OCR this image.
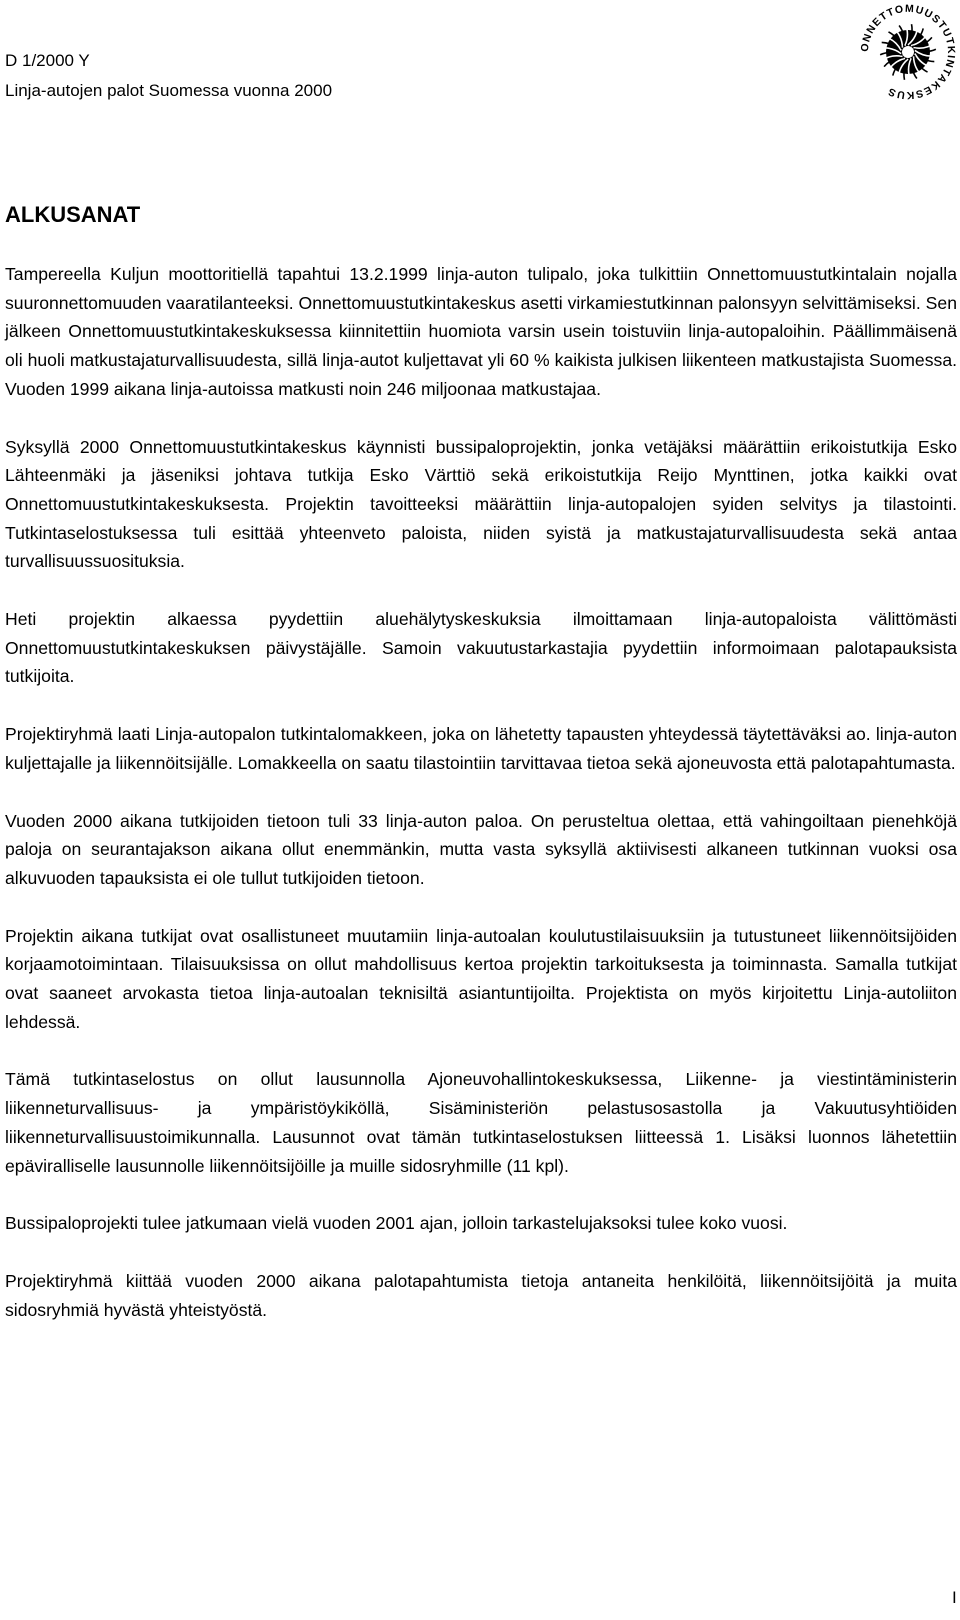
D 1/2000 Y
Linja-autojen palot Suomessa vuonna 2000
ONNETTOMUUSTUTKINTAKESKUS
ALKUSANAT

Tampereella Kuljun moottoritiellä tapahtui 13.2.1999 linja-auton tulipalo, joka tulkittiin Onnettomuustutkintalain nojalla suuronnettomuuden vaaratilanteeksi. Onnettomuustutkintakeskus asetti virkamiestutkinnan palonsyyn selvittämiseksi. Sen jälkeen Onnettomuustutkintakeskuksessa kiinnitettiin huomiota varsin usein toistuviin linja-autopaloihin. Päällimmäisenä oli huoli matkustajaturvallisuudesta, sillä linja-autot kuljettavat yli 60 % kaikista julkisen liikenteen matkustajista Suomessa. Vuoden 1999 aikana linja-autoissa matkusti noin 246 miljoonaa matkustajaa.

Syksyllä 2000 Onnettomuustutkintakeskus käynnisti bussipaloprojektin, jonka vetäjäksi määrättiin erikoistutkija Esko Lähteenmäki ja jäseniksi johtava tutkija Esko Värttiö sekä erikoistutkija Reijo Mynttinen, jotka kaikki ovat Onnettomuustutkintakeskuksesta. Projektin tavoitteeksi määrättiin linja-autopalojen syiden selvitys ja tilastointi. Tutkintaselostuksessa tuli esittää yhteenveto paloista, niiden syistä ja matkustajaturvallisuudesta sekä antaa turvallisuussuosituksia.

Heti projektin alkaessa pyydettiin aluehälytyskeskuksia ilmoittamaan linja-autopaloista välittömästi Onnettomuustutkintakeskuksen päivystäjälle. Samoin vakuutustarkastajia pyydettiin informoimaan palotapauksista tutkijoita.

Projektiryhmä laati Linja-autopalon tutkintalomakkeen, joka on lähetetty tapausten yhteydessä täytettäväksi ao. linja-auton kuljettajalle ja liikennöitsijälle. Lomakkeella on saatu tilastointiin tarvittavaa tietoa sekä ajoneuvosta että palotapahtumasta.

Vuoden 2000 aikana tutkijoiden tietoon tuli 33 linja-auton paloa. On perusteltua olettaa, että vahingoiltaan pienehköjä paloja on seurantajakson aikana ollut enemmänkin, mutta vasta syksyllä aktiivisesti alkaneen tutkinnan vuoksi osa alkuvuoden tapauksista ei ole tullut tutkijoiden tietoon.

Projektin aikana tutkijat ovat osallistuneet muutamiin linja-autoalan koulutustilaisuuksiin ja tutustuneet liikennöitsijöiden korjaamotoimintaan. Tilaisuuksissa on ollut mahdollisuus kertoa projektin tarkoituksesta ja toiminnasta. Samalla tutkijat ovat saaneet arvokasta tietoa linja-autoalan teknisiltä asiantuntijoilta. Projektista on myös kirjoitettu Linja-autoliiton lehdessä.

Tämä tutkintaselostus on ollut lausunnolla Ajoneuvohallintokeskuksessa, Liikenne- ja viestintäministerin liikenneturvallisuus- ja ympäristöykiköllä, Sisäministeriön pelastusosastolla ja Vakuutusyhtiöiden liikenneturvallisuustoimikunnalla. Lausunnot ovat tämän tutkintaselostuksen liitteessä 1. Lisäksi luonnos lähetettiin epäviralliselle lausunnolle liikennöitsijöille ja muille sidosryhmille (11 kpl).

Bussipaloprojekti tulee jatkumaan vielä vuoden 2001 ajan, jolloin tarkastelujaksoksi tulee koko vuosi.

Projektiryhmä kiittää vuoden 2000 aikana palotapahtumista tietoja antaneita henkilöitä, liikennöitsijöitä ja muita sidosryhmiä hyvästä yhteistyöstä.

I
